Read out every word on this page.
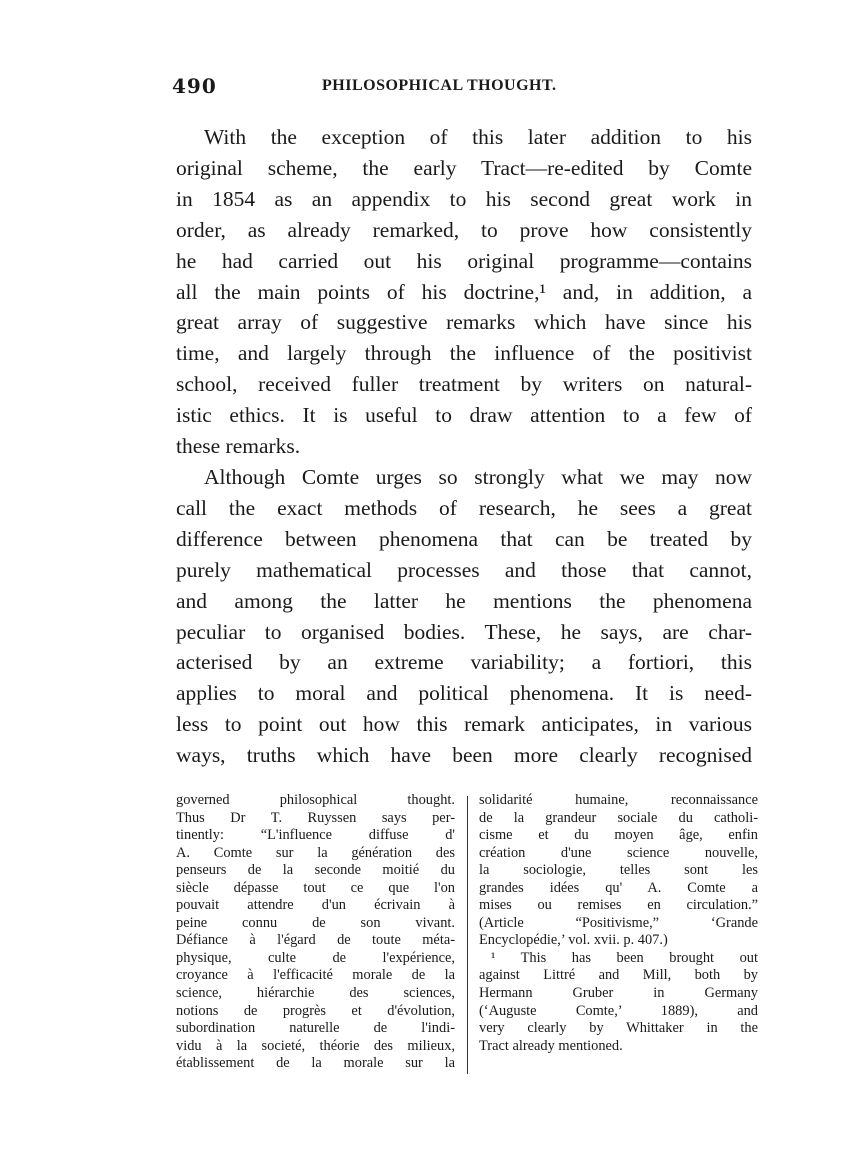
490	PHILOSOPHICAL THOUGHT.
With the exception of this later addition to his
original scheme, the early Tract—re-edited by Comte
in 1854 as an appendix to his second great work in
order, as already remarked, to prove how consistently
he had carried out his original programme—contains
all the main points of his doctrine,¹ and, in addition, a
great array of suggestive remarks which have since his
time, and largely through the influence of the positivist
school, received fuller treatment by writers on natural-
istic ethics. It is useful to draw attention to a few of
these remarks.
Although Comte urges so strongly what we may now
call the exact methods of research, he sees a great
difference between phenomena that can be treated by
purely mathematical processes and those that cannot,
and among the latter he mentions the phenomena
peculiar to organised bodies. These, he says, are char-
acterised by an extreme variability; a fortiori, this
applies to moral and political phenomena. It is need-
less to point out how this remark anticipates, in various
ways, truths which have been more clearly recognised
governed philosophical thought.
Thus Dr T. Ruyssen says per-
tinently: “L'influence diffuse d'
A. Comte sur la génération des
penseurs de la seconde moitié du
siècle dépasse tout ce que l'on
pouvait attendre d'un écrivain à
peine connu de son vivant.
Défiance à l'égard de toute méta-
physique, culte de l'expérience,
croyance à l'efficacité morale de la
science, hiérarchie des sciences,
notions de progrès et d'évolution,
subordination naturelle de l'indi-
vidu à la societé, théorie des milieux,
établissement de la morale sur la
solidarité humaine, reconnaissance
de la grandeur sociale du catholi-
cisme et du moyen âge, enfin
création d'une science nouvelle,
la sociologie, telles sont les
grandes idées qu' A. Comte a
mises ou remises en circulation.”
(Article “Positivisme,” ‘Grande
Encyclopédie,’ vol. xvii. p. 407.)
¹ This has been brought out
against Littré and Mill, both by
Hermann Gruber in Germany
(‘Auguste Comte,’ 1889), and
very clearly by Whittaker in the
Tract already mentioned.
